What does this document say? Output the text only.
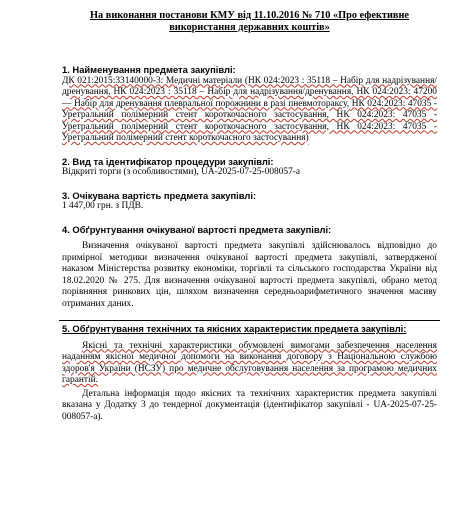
На виконання постанови КМУ від 11.10.2016 № 710 «Про ефективне використання державних коштів»
1. Найменування предмета закупівлі:

ДК 021:2015:33140000-3: Медичні матеріали (НК 024:2023 : 35118 – Набір для надрізування/дренування, НК 024:2023 : 35118 – Набір для надрізування/дренування, НК 024:2023: 47200 — Набір для дренування плевральної порожнини в разі пневмотораксу, НК 024:2023: 47035 - Уретральний полімерний стент короткочасного застосування, НК 024:2023: 47035 - Уретральний полімерний стент короткочасного застосування, НК 024:2023: 47035 - Уретральний полімерний стент короткочасного застосування)

2. Вид та ідентифікатор процедури закупівлі:

Відкриті торги (з особливостями), UA-2025-07-25-008057-а

3. Очікувана вартість предмета закупівлі:

1 447,00 грн. з ПДВ.

4. Обґрунтування очікуваної вартості предмета закупівлі:

Визначення очікуваної вартості предмета закупівлі здійснювалось відповідно до примірної методики визначення очікуваної вартості предмета закупівлі, затвердженої наказом Міністерства розвитку економіки, торгівлі та сільського господарства України від 18.02.2020 № 275. Для визначення очікуваної вартості предмета закупівлі, обрано метод порівняння ринкових цін, шляхом визначення середньоарифметичного значення масиву отриманих даних.

5. Обґрунтування технічних та якісних характеристик предмета закупівлі:

Якісні та технічні характеристики обумовлені вимогами забезпечення населення наданням якісної медичної допомоги на виконання договору з Національною службою здоров'я України (НСЗУ) про медичне обслуговування населення за програмою медичних гарантій.

Детальна інформація щодо якісних та технічних характеристик предмета закупівлі вказана у Додатку 3 до тендерної документація (ідентифікатор закупівлі - UA-2025-07-25-008057-а).
